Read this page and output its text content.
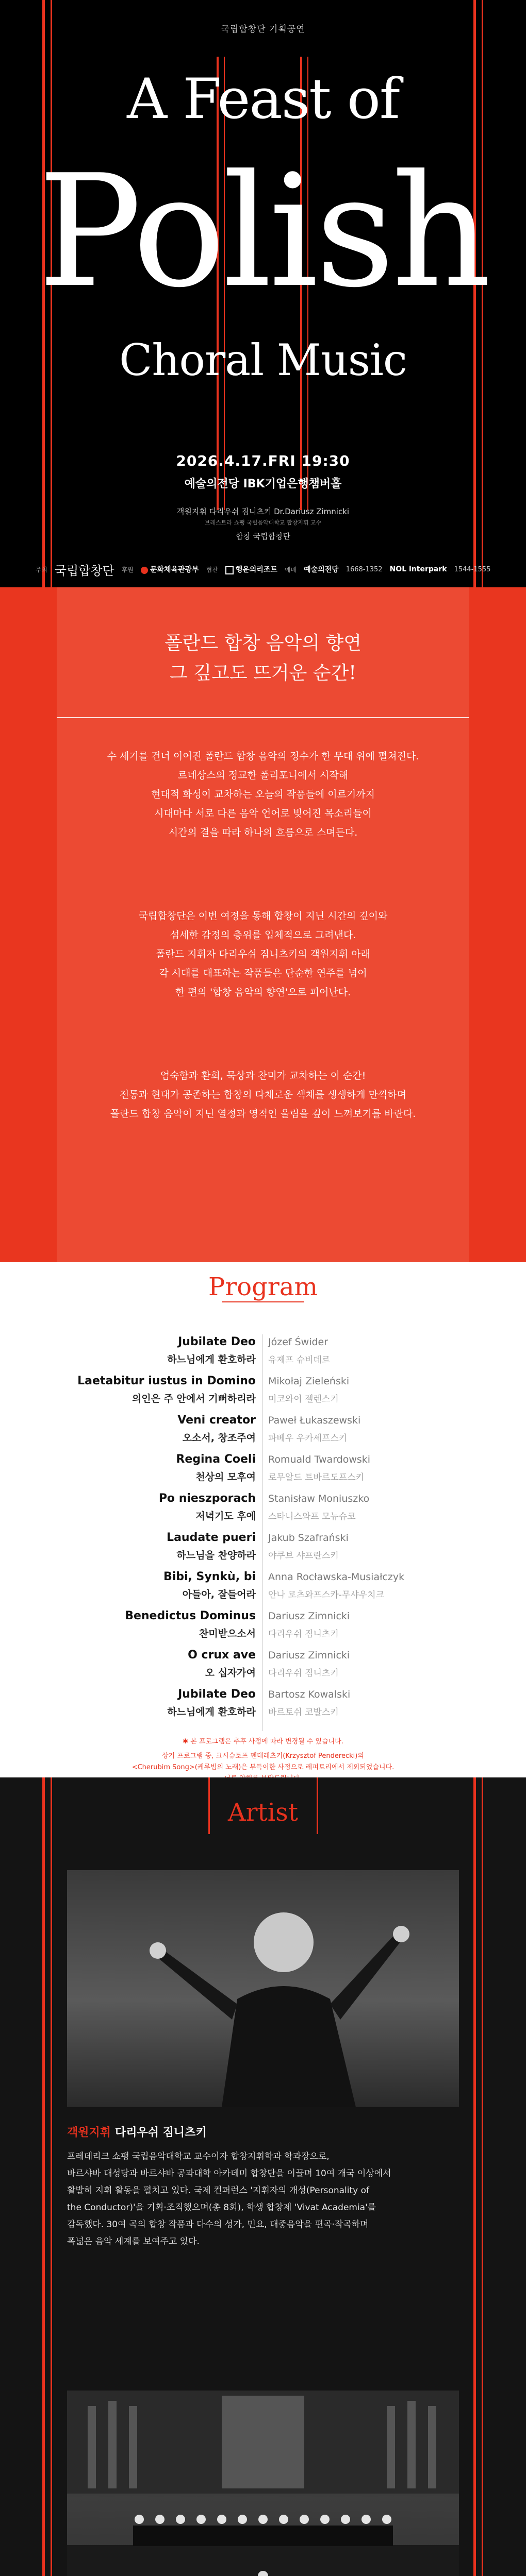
국립합창단 기획공연
A Feast of
Polish
Choral Music
2026.4.17.FRI 19:30
예술의전당 IBK기업은행챔버홀
객원지휘 다리우쉬 짐니츠키 Dr.Dariusz Zimnicki
브레스트라 쇼팽 국립음악대학교 합창지휘 교수
합창 국립합창단
주최 국립합창단 후원	문화체육관광부 협찬	행운의리조트 예매 예술의전당 1668-1352 NOL interpark 1544-1555
폴란드 합창 음악의 향연
그 깊고도 뜨거운 순간!
수 세기를 건너 이어진 폴란드 합창 음악의 정수가 한 무대 위에 펼쳐진다.
르네상스의 정교한 폴리포니에서 시작해
현대적 화성이 교차하는 오늘의 작품들에 이르기까지
시대마다 서로 다른 음악 언어로 빚어진 목소리들이
시간의 결을 따라 하나의 흐름으로 스며든다.
국립합창단은 이번 여정을 통해 합창이 지닌 시간의 깊이와
섬세한 감정의 층위를 입체적으로 그려낸다.
폴란드 지휘자 다리우쉬 짐니츠키의 객원지휘 아래
각 시대를 대표하는 작품들은 단순한 연주를 넘어
한 편의 '합창 음악의 향연'으로 피어난다.
엄숙함과 환희, 묵상과 찬미가 교차하는 이 순간!
전통과 현대가 공존하는 합창의 다채로운 색채를 생생하게 만끽하며
폴란드 합창 음악이 지닌 열정과 영적인 울림을 깊이 느껴보기를 바란다.
Program
Jubilate Deo
하느님에게 환호하라
Józef Świder
유제프 슈비데르
Laetabitur iustus in Domino
의인은 주 안에서 기뻐하리라
Mikołaj Zieleński
미코와이 젤렌스키
Veni creator
오소서, 창조주여
Paweł Łukaszewski
파베우 우카셰프스키
Regina Coeli
천상의 모후여
Romuald Twardowski
로무알드 트바르도프스키
Po nieszporach
저녁기도 후에
Stanisław Moniuszko
스타니스와프 모뉴슈코
Laudate pueri
하느님을 찬양하라
Jakub Szafrański
야쿠브 샤프란스키
Bibi, Synkù, bi
아들아, 잘들어라
Anna Rocławska-Musiałczyk
안나 로츠와프스카-무샤우치크
Benedictus Dominus
찬미받으소서
Dariusz Zimnicki
다리우쉬 짐니츠키
O crux ave
오 십자가여
Dariusz Zimnicki
다리우쉬 짐니츠키
Jubilate Deo
하느님에게 환호하라
Bartosz Kowalski
바르토쉬 코발스키
✱ 본 프로그램은 추후 사정에 따라 변경될 수 있습니다.
상기 프로그램 중, 크시슈토프 펜데레츠키(Krzysztof Penderecki)의
<Cherubim Song>(케루빔의 노래)은 부득이한 사정으로 레퍼토리에서 제외되었습니다.
Artist
객원지휘 다리우쉬 짐니츠키
프레데리크 쇼팽 국립음악대학교 교수이자 합창지휘학과 학과장으로,
바르샤바 대성당과 바르샤바 공과대학 아카데미 합창단을 이끌며 10여 개국 이상에서
활발히 지휘 활동을 펼치고 있다. 국제 컨퍼런스 '지휘자의 개성(Personality of
the Conductor)'을 기획·조직했으며(총 8회), 학생 합창제 'Vivat Academia'를
감독했다. 30여 곡의 합창 작품과 다수의 성가, 민요, 대중음악을 편곡·작곡하며
폭넓은 음악 세계를 보여주고 있다.
